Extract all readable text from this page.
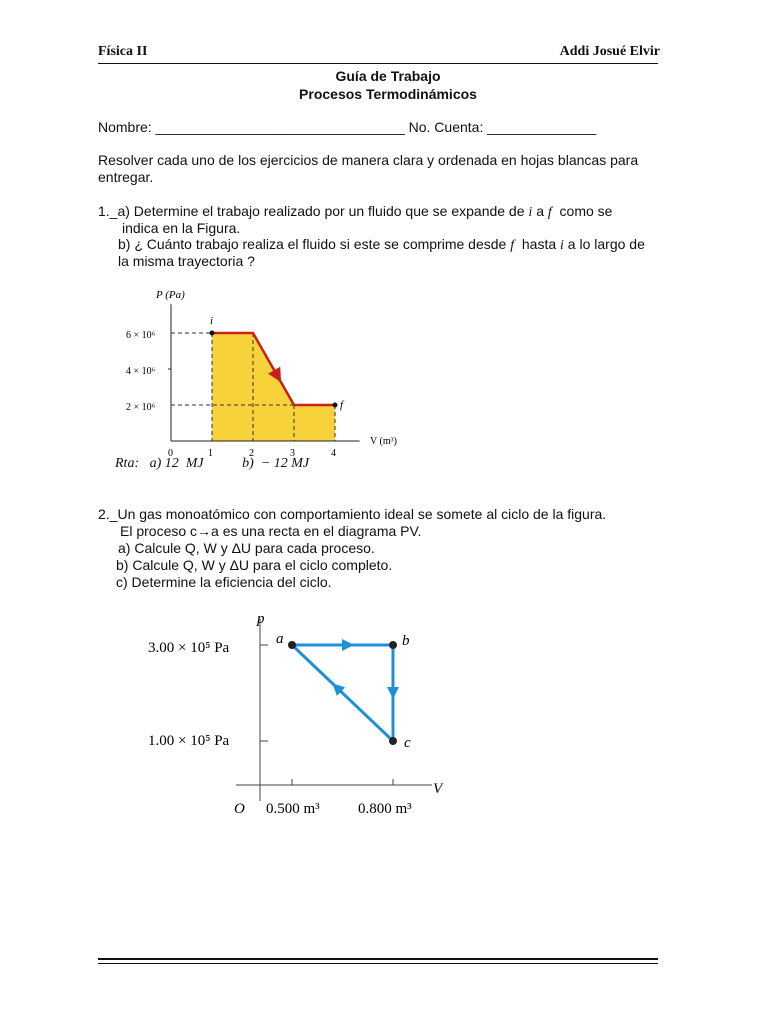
Física II	Addi Josué Elvir
Guía de Trabajo
Procesos Termodinámicos
Nombre: ________________________________ No. Cuenta: ______________
Resolver cada uno de los ejercicios de manera clara y ordenada en hojas blancas para
entregar.
1._a) Determine el trabajo realizado por un fluido que se expande de i a f como se
indica en la Figura.
b) ¿ Cuánto trabajo realiza el fluido si este se comprime desde f hasta i a lo largo de
la misma trayectoria ?
P (Pa)
V (m³)
i
f
6 × 10⁶
4 × 10⁶
2 × 10⁶
0	1	2	3	4
Rta: a) 12  MJ	b)  − 12 MJ
2._Un gas monoatómico con comportamiento ideal se somete al ciclo de la figura.
El proceso c→a es una recta en el diagrama PV.
a) Calcule Q, W y ΔU para cada proceso.
b) Calcule Q, W y ΔU para el ciclo completo.
c) Determine la eficiencia del ciclo.
p
V
O
a	b
c
3.00 × 10⁵ Pa
1.00 × 10⁵ Pa
0.500 m³	0.800 m³
